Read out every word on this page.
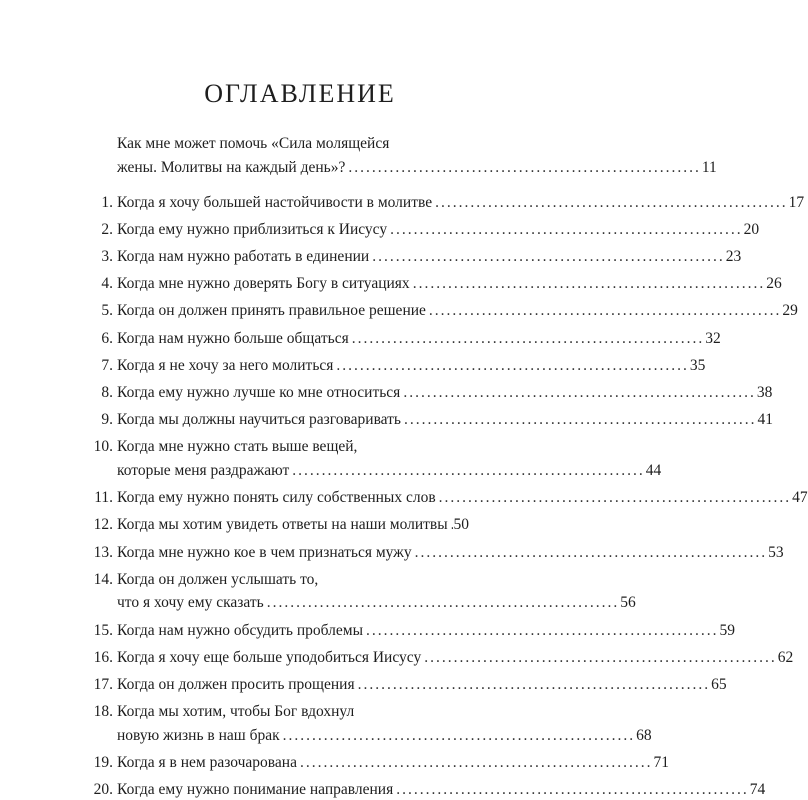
ОГЛАВЛЕНИЕ
Как мне может помочь «Сила молящейся
жены. Молитвы на каждый день»? ............................................................ 11
1. Когда я хочу большей настойчивости в молитве ............................................................ 17
2. Когда ему нужно приблизиться к Иисусу ............................................................ 20
3. Когда нам нужно работать в единении ............................................................ 23
4. Когда мне нужно доверять Богу в ситуациях ............................................................ 26
5. Когда он должен принять правильное решение ............................................................ 29
6. Когда нам нужно больше общаться ............................................................ 32
7. Когда я не хочу за него молиться ............................................................ 35
8. Когда ему нужно лучше ко мне относиться ............................................................ 38
9. Когда мы должны научиться разговаривать ............................................................ 41
10. Когда мне нужно стать выше вещей,
которые меня раздражают ............................................................ 44
11. Когда ему нужно понять силу собственных слов ............................................................ 47
12. Когда мы хотим увидеть ответы на наши молитвы 50
13. Когда мне нужно кое в чем признаться мужу ............................................................ 53
14. Когда он должен услышать то,
что я хочу ему сказать ............................................................ 56
15. Когда нам нужно обсудить проблемы ............................................................ 59
16. Когда я хочу еще больше уподобиться Иисусу ............................................................ 62
17. Когда он должен просить прощения ............................................................ 65
18. Когда мы хотим, чтобы Бог вдохнул
новую жизнь в наш брак ............................................................ 68
19. Когда я в нем разочарована ............................................................ 71
20. Когда ему нужно понимание направления ............................................................ 74
